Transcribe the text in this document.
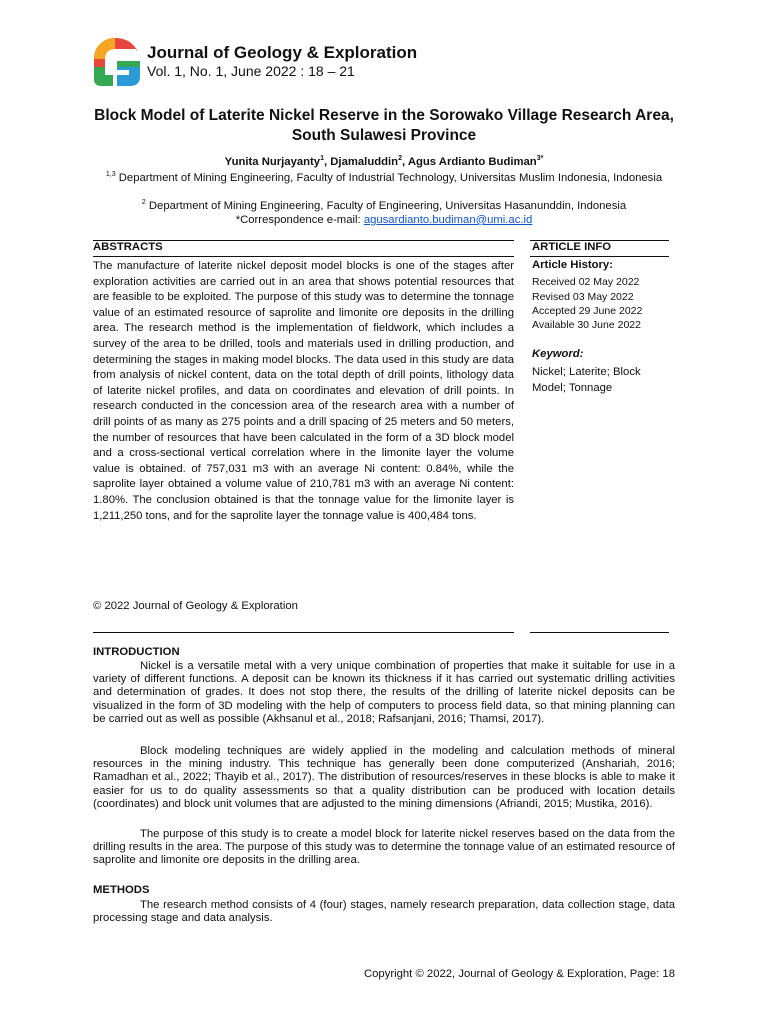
Journal of Geology & Exploration
Vol. 1, No. 1, June 2022 : 18 – 21
Block Model of Laterite Nickel Reserve in the Sorowako Village Research Area, South Sulawesi Province
Yunita Nurjayanty$^1$, Djamaluddin$^2$, Agus Ardianto Budiman$^{3*}$
$^{1,3}$ Department of Mining Engineering, Faculty of Industrial Technology, Universitas Muslim Indonesia, Indonesia
$^2$ Department of Mining Engineering, Faculty of Engineering, Universitas Hasanunddin, Indonesia
*Correspondence e-mail: agusardianto.budiman@umi.ac.id
ABSTRACTS	ARTICLE INFO
The manufacture of laterite nickel deposit model blocks is one of the stages after exploration activities are carried out in an area that shows potential resources that are feasible to be exploited. The purpose of this study was to determine the tonnage value of an estimated resource of saprolite and limonite ore deposits in the drilling area. The research method is the implementation of fieldwork, which includes a survey of the area to be drilled, tools and materials used in drilling production, and determining the stages in making model blocks. The data used in this study are data from analysis of nickel content, data on the total depth of drill points, lithology data of laterite nickel profiles, and data on coordinates and elevation of drill points. In research conducted in the concession area of the research area with a number of drill points of as many as 275 points and a drill spacing of 25 meters and 50 meters, the number of resources that have been calculated in the form of a 3D block model and a cross-sectional vertical correlation where in the limonite layer the volume value is obtained. of 757,031 m3 with an average Ni content: 0.84%, while the saprolite layer obtained a volume value of 210,781 m3 with an average Ni content: 1.80%. The conclusion obtained is that the tonnage value for the limonite layer is 1,211,250 tons, and for the saprolite layer the tonnage value is 400,484 tons.
Article History:
Received 02 May 2022
Revised 03 May 2022
Accepted 29 June 2022
Available 30 June 2022
Keyword:
Nickel; Laterite; Block Model; Tonnage
© 2022 Journal of Geology & Exploration
INTRODUCTION
Nickel is a versatile metal with a very unique combination of properties that make it suitable for use in a variety of different functions. A deposit can be known its thickness if it has carried out systematic drilling activities and determination of grades. It does not stop there, the results of the drilling of laterite nickel deposits can be visualized in the form of 3D modeling with the help of computers to process field data, so that mining planning can be carried out as well as possible (Akhsanul et al., 2018; Rafsanjani, 2016; Thamsi, 2017).
Block modeling techniques are widely applied in the modeling and calculation methods of mineral resources in the mining industry. This technique has generally been done computerized (Anshariah, 2016; Ramadhan et al., 2022; Thayib et al., 2017). The distribution of resources/reserves in these blocks is able to make it easier for us to do quality assessments so that a quality distribution can be produced with location details (coordinates) and block unit volumes that are adjusted to the mining dimensions (Afriandi, 2015; Mustika, 2016).
The purpose of this study is to create a model block for laterite nickel reserves based on the data from the drilling results in the area. The purpose of this study was to determine the tonnage value of an estimated resource of saprolite and limonite ore deposits in the drilling area.
METHODS
The research method consists of 4 (four) stages, namely research preparation, data collection stage, data processing stage and data analysis.
Copyright © 2022, Journal of Geology & Exploration, Page: 18
